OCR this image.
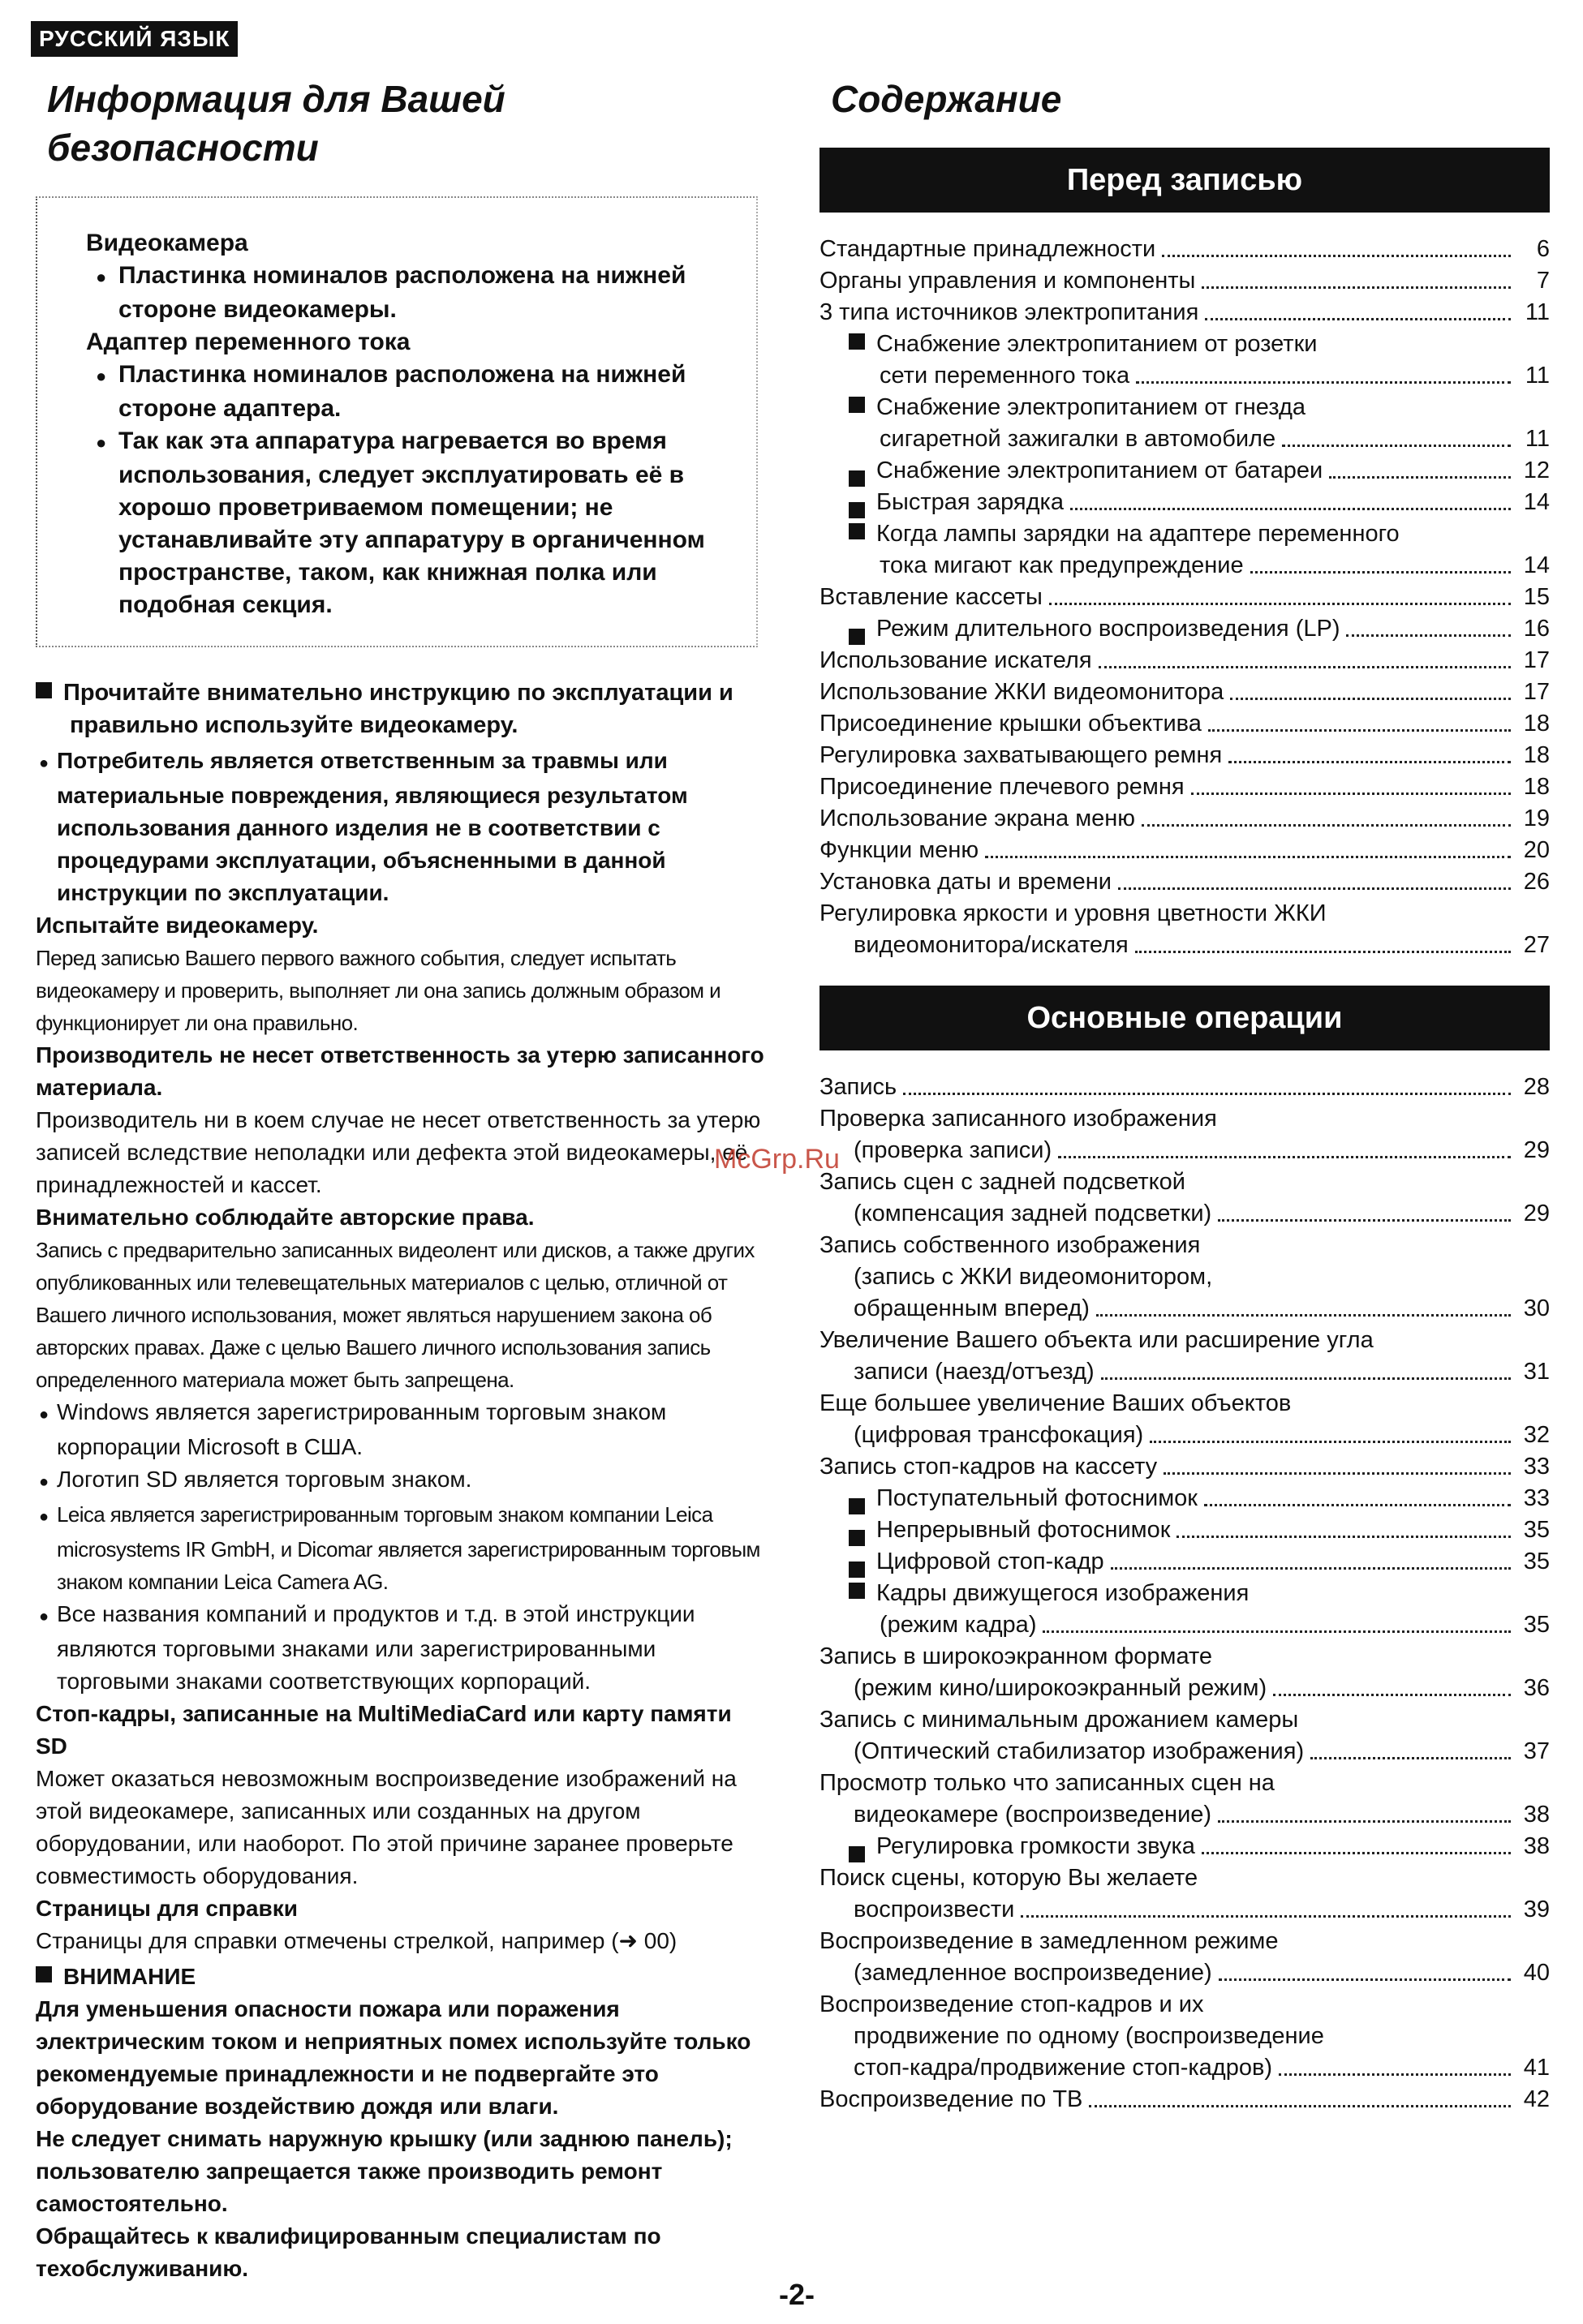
РУССКИЙ ЯЗЫК
Информация для Вашей безопасности

Видеокамера

● Пластинка номиналов расположена на нижней стороне видеокамеры.

Адаптер переменного тока

● Пластинка номиналов расположена на нижней стороне адаптера.

● Так как эта аппаратура нагревается во время использования, следует эксплуатировать её в хорошо проветриваемом помещении; не устанавливайте эту аппаратуру в органиченном пространстве, таком, как книжная полка или подобная секция.

Прочитайте внимательно инструкцию по эксплуатации и правильно используйте видеокамеру.

● Потребитель является ответственным за травмы или материальные повреждения, являющиеся результатом использования данного изделия не в соответствии с процедурами эксплуатации, объясненными в данной инструкции по эксплуатации.

Испытайте видеокамеру.

Перед записью Вашего первого важного события, следует испытать видеокамеру и проверить, выполняет ли она запись должным образом и функционирует ли она правильно.

Производитель не несет ответственность за утерю записанного материала.

Производитель ни в коем случае не несет ответственность за утерю записей вследствие неполадки или дефекта этой видеокамеры, её принадлежностей и кассет.

Внимательно соблюдайте авторские права.

Запись с предварительно записанных видеолент или дисков, а также других опубликованных или телевещательных материалов с целью, отличной от Вашего личного использования, может являться нарушением закона об авторских правах. Даже с целью Вашего личного использования запись определенного материала может быть запрещена.

● Windows является зарегистрированным торговым знаком корпорации Microsoft в США.

● Логотип SD является торговым знаком.

● Leica является зарегистрированным торговым знаком компании Leica microsystems IR GmbH, и Dicomar является зарегистрированным торговым знаком компании Leica Camera AG.

● Все названия компаний и продуктов и т.д. в этой инструкции являются торговыми знаками или зарегистрированными торговыми знаками соответствующих корпораций.

Стоп-кадры, записанные на MultiMediaCard или карту памяти SD

Может оказаться невозможным воспроизведение изображений на этой видеокамере, записанных или созданных на другом оборудовании, или наоборот. По этой причине заранее проверьте совместимость оборудования.

Страницы для справки

Страницы для справки отмечены стрелкой, например (➜ 00)

ВНИМАНИЕ

Для уменьшения опасности пожара или поражения электрическим током и неприятных помех используйте только рекомендуемые принадлежности и не подвергайте это оборудование воздействию дождя или влаги.

Не следует снимать наружную крышку (или заднюю панель); пользователю запрещается также производить ремонт самостоятельно.

Обращайтесь к квалифицированным специалистам по техобслуживанию.

Содержание
Перед записью
Стандартные принадлежности	6
Органы управления и компоненты	7
3 типа источников электропитания	11
Снабжение электропитанием от розетки
сети переменного тока	11
Снабжение электропитанием от гнезда
сигаретной зажигалки в автомобиле	11
Снабжение электропитанием от батареи	12
Быстрая зарядка	14
Когда лампы зарядки на адаптере переменного
тока мигают как предупреждение	14
Вставление кассеты	15
Режим длительного воспроизведения (LP)	16
Использование искателя	17
Использование ЖКИ видеомонитора	17
Присоединение крышки объектива	18
Регулировка захватывающего ремня	18
Присоединение плечевого ремня	18
Использование экрана меню	19
Функции меню	20
Установка даты и времени	26
Регулировка яркости и уровня цветности ЖКИ
видеомонитора/искателя	27
Основные операции
Запись	28
Проверка записанного изображения
(проверка записи)	29
Запись сцен с задней подсветкой
(компенсация задней подсветки)	29
Запись собственного изображения
(запись с ЖКИ видеомонитором,
обращенным вперед)	30
Увеличение Вашего объекта или расширение угла
записи (наезд/отъезд)	31
Еще большее увеличение Ваших объектов
(цифровая трансфокация)	32
Запись стоп-кадров на кассету	33
Поступательный фотоснимок	33
Непрерывный фотоснимок	35
Цифровой стоп-кадр	35
Кадры движущегося изображения
(режим кадра)	35
Запись в широкоэкранном формате
(режим кино/широкоэкранный режим)	36
Запись с минимальным дрожанием камеры
(Оптический стабилизатор изображения)	37
Просмотр только что записанных сцен на
видеокамере (воспроизведение)	38
Регулировка громкости звука	38
Поиск сцены, которую Вы желаете
воспроизвести	39
Воспроизведение в замедленном режиме
(замедленное воспроизведение)	40
Воспроизведение стоп-кадров и их
продвижение по одному (воспроизведение
стоп-кадра/продвижение стоп-кадров)	41
Воспроизведение по ТВ	42
McGrp.Ru
-2-
